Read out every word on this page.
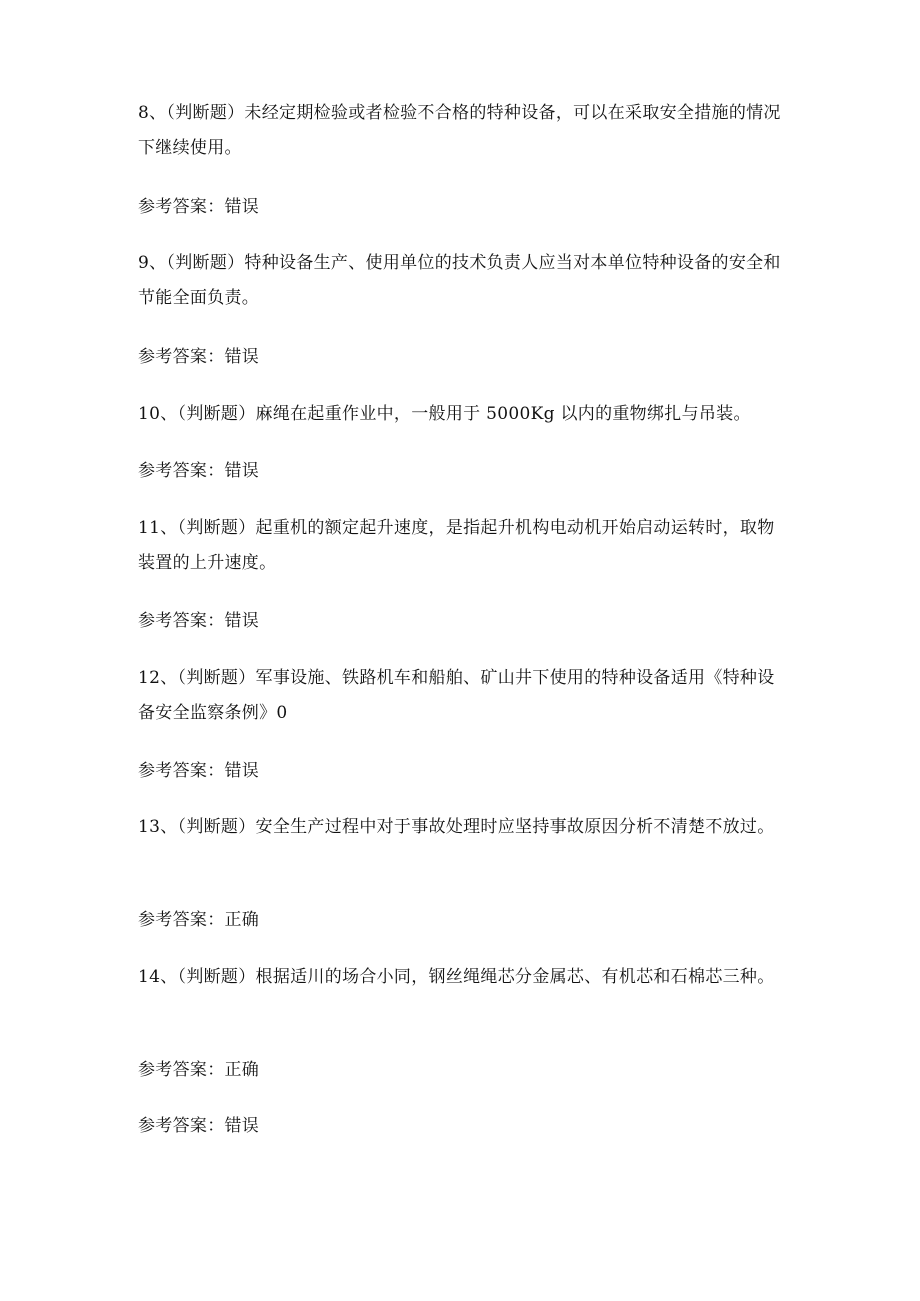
8、（判断题）未经定期检验或者检验不合格的特种设备，可以在采取安全措施的情况下继续使用。

参考答案：错误

9、（判断题）特种设备生产、使用单位的技术负责人应当对本单位特种设备的安全和节能全面负责。

参考答案：错误

10、（判断题）麻绳在起重作业中，一般用于 5000Kg 以内的重物绑扎与吊装。

参考答案：错误

11、（判断题）起重机的额定起升速度，是指起升机构电动机开始启动运转时，取物装置的上升速度。

参考答案：错误

12、（判断题）军事设施、铁路机车和船舶、矿山井下使用的特种设备适用《特种设备安全监察条例》0

参考答案：错误

13、（判断题）安全生产过程中对于事故处理时应坚持事故原因分析不清楚不放过。

参考答案：正确

14、（判断题）根据适川的场合小同，钢丝绳绳芯分金属芯、有机芯和石棉芯三种。

参考答案：正确

参考答案：错误
